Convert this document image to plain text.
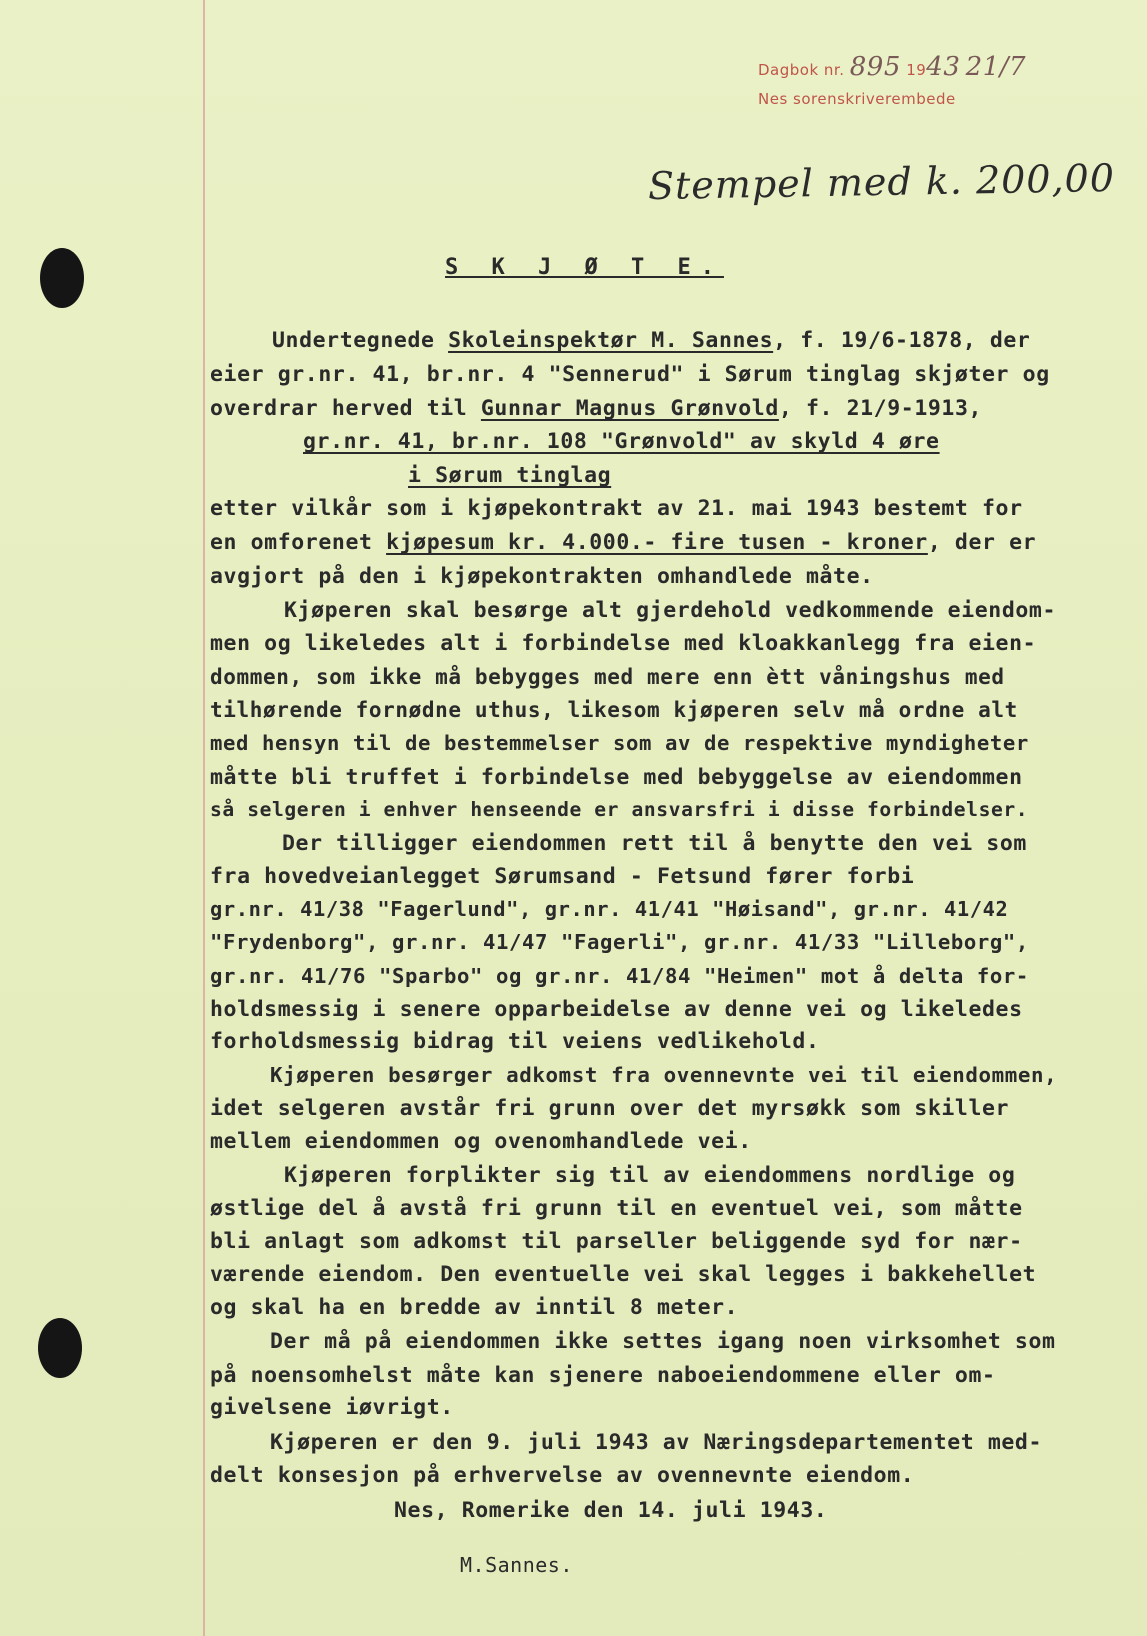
Dagbok nr. 895 1943 21/7
Nes sorenskriverembede
Stempel med k. 200,00
S K J Ø T E.
Undertegnede Skoleinspektør M. Sannes, f. 19/6-1878, der
eier gr.nr. 41, br.nr. 4 "Sennerud" i Sørum tinglag skjøter og
overdrar herved til Gunnar Magnus Grønvold, f. 21/9-1913,
gr.nr. 41, br.nr. 108 "Grønvold" av skyld 4 øre
i Sørum tinglag
etter vilkår som i kjøpekontrakt av 21. mai 1943 bestemt for
en omforenet kjøpesum kr. 4.000.- fire tusen - kroner, der er
avgjort på den i kjøpekontrakten omhandlede måte.
Kjøperen skal besørge alt gjerdehold vedkommende eiendom-
men og likeledes alt i forbindelse med kloakkanlegg fra eien-
dommen, som ikke må bebygges med mere enn ètt våningshus med
tilhørende fornødne uthus, likesom kjøperen selv må ordne alt
med hensyn til de bestemmelser som av de respektive myndigheter
måtte bli truffet i forbindelse med bebyggelse av eiendommen
så selgeren i enhver henseende er ansvarsfri i disse forbindelser.
Der tilligger eiendommen rett til å benytte den vei som
fra hovedveianlegget Sørumsand - Fetsund fører forbi
gr.nr. 41/38 "Fagerlund", gr.nr. 41/41 "Høisand", gr.nr. 41/42
"Frydenborg", gr.nr. 41/47 "Fagerli", gr.nr. 41/33 "Lilleborg",
gr.nr. 41/76 "Sparbo" og gr.nr. 41/84 "Heimen" mot å delta for-
holdsmessig i senere opparbeidelse av denne vei og likeledes
forholdsmessig bidrag til veiens vedlikehold.
Kjøperen besørger adkomst fra ovennevnte vei til eiendommen,
idet selgeren avstår fri grunn over det myrsøkk som skiller
mellem eiendommen og ovenomhandlede vei.
Kjøperen forplikter sig til av eiendommens nordlige og
østlige del å avstå fri grunn til en eventuel vei, som måtte
bli anlagt som adkomst til parseller beliggende syd for nær-
værende eiendom. Den eventuelle vei skal legges i bakkehellet
og skal ha en bredde av inntil 8 meter.
Der må på eiendommen ikke settes igang noen virksomhet som
på noensomhelst måte kan sjenere naboeiendommene eller om-
givelsene iøvrigt.
Kjøperen er den 9. juli 1943 av Næringsdepartementet med-
delt konsesjon på erhvervelse av ovennevnte eiendom.
Nes, Romerike den 14. juli 1943.
M.Sannes.
